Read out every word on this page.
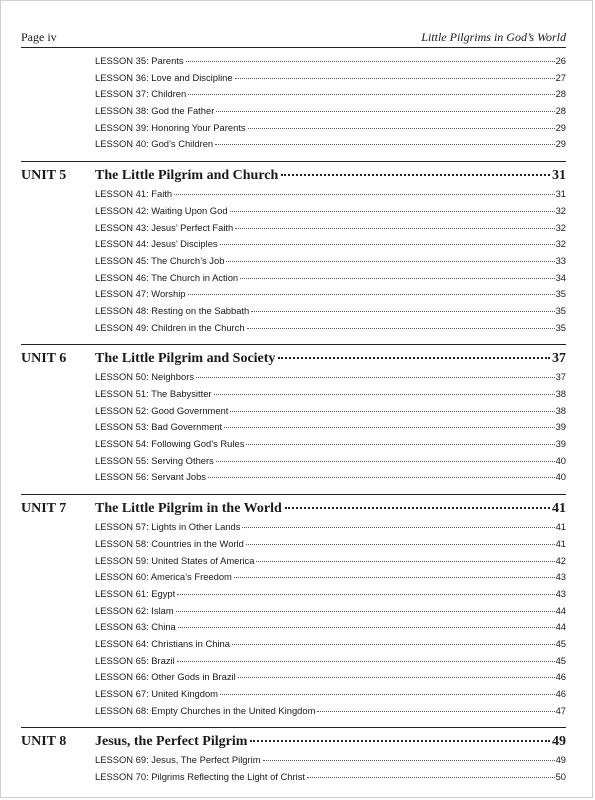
Page iv	Little Pilgrims in God’s World
LESSON 35: Parents	26
LESSON 36: Love and Discipline	27
LESSON 37: Children	28
LESSON 38: God the Father	28
LESSON 39: Honoring Your Parents	29
LESSON 40: God’s Children	29
UNIT 5	The Little Pilgrim and Church	31
LESSON 41: Faith	31
LESSON 42: Waiting Upon God	32
LESSON 43: Jesus’ Perfect Faith	32
LESSON 44: Jesus’ Disciples	32
LESSON 45: The Church’s Job	33
LESSON 46: The Church in Action	34
LESSON 47: Worship	35
LESSON 48: Resting on the Sabbath	35
LESSON 49: Children in the Church	35
UNIT 6	The Little Pilgrim and Society	37
LESSON 50: Neighbors	37
LESSON 51: The Babysitter	38
LESSON 52: Good Government	38
LESSON 53: Bad Government	39
LESSON 54: Following God’s Rules	39
LESSON 55: Serving Others	40
LESSON 56: Servant Jobs	40
UNIT 7	The Little Pilgrim in the World	41
LESSON 57: Lights in Other Lands	41
LESSON 58: Countries in the World	41
LESSON 59: United States of America	42
LESSON 60: America’s Freedom	43
LESSON 61: Egypt	43
LESSON 62: Islam	44
LESSON 63: China	44
LESSON 64: Christians in China	45
LESSON 65: Brazil	45
LESSON 66: Other Gods in Brazil	46
LESSON 67: United Kingdom	46
LESSON 68: Empty Churches in the United Kingdom	47
UNIT 8	Jesus, the Perfect Pilgrim	49
LESSON 69: Jesus, The Perfect Pilgrim	49
LESSON 70: Pilgrims Reflecting the Light of Christ	50
